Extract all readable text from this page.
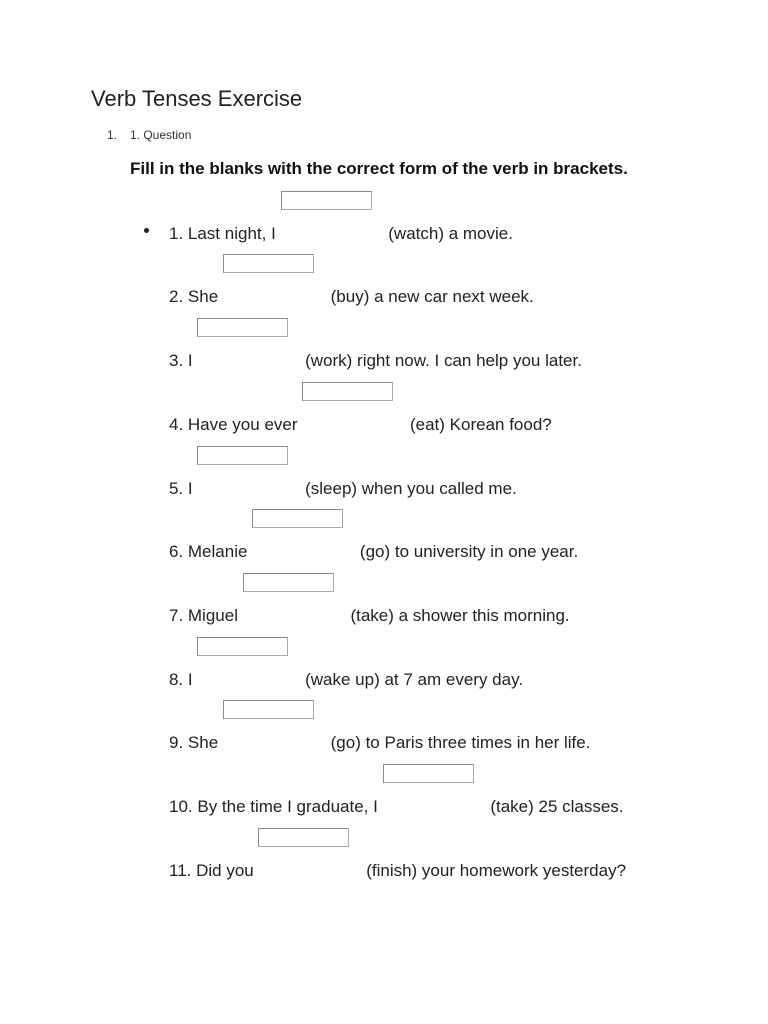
Verb Tenses Exercise
1. 1. Question

Fill in the blanks with the correct form of the verb in brackets.

1. Last night, I	(watch) a movie.
2. She	(buy) a new car next week.
3. I	(work) right now. I can help you later.
4. Have you ever	(eat) Korean food?
5. I	(sleep) when you called me.
6. Melanie	(go) to university in one year.
7. Miguel	(take) a shower this morning.
8. I	(wake up) at 7 am every day.
9. She	(go) to Paris three times in her life.
10. By the time I graduate, I	(take) 25 classes.
11. Did you	(finish) your homework yesterday?
